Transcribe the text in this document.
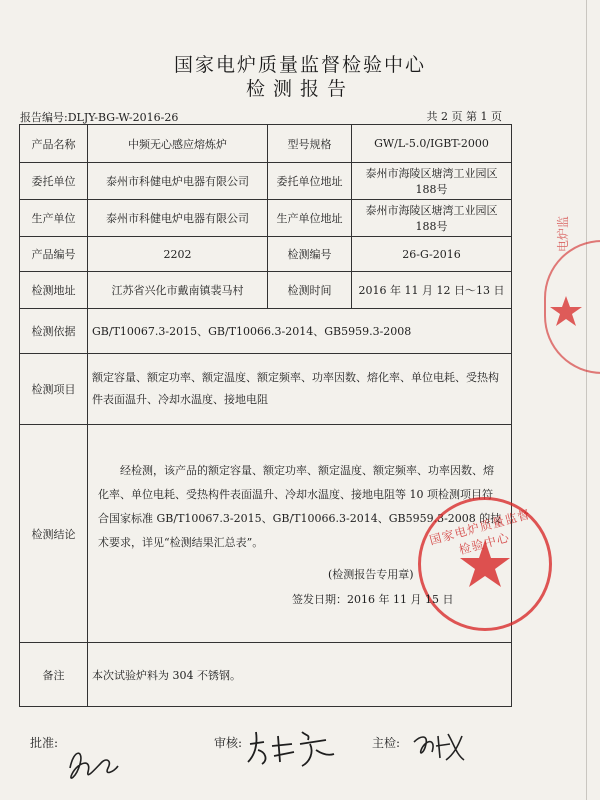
国家电炉质量监督检验中心
检测报告
报告编号:DLJY-BG-W-2016-26	共 2 页 第 1 页
产品名称	中频无心感应熔炼炉	型号规格	GW/L-5.0/IGBT-2000
委托单位	泰州市科健电炉电器有限公司	委托单位地址	泰州市海陵区塘湾工业园区188号
生产单位	泰州市科健电炉电器有限公司	生产单位地址	泰州市海陵区塘湾工业园区188号
产品编号	2202	检测编号	26-G-2016
检测地址	江苏省兴化市戴南镇裴马村	检测时间	2016 年 11 月 12 日～13 日
检测依据	GB/T10067.3-2015、GB/T10066.3-2014、GB5959.3-2008		
检测项目	额定容量、额定功率、额定温度、额定频率、功率因数、熔化率、单位电耗、受热构件表面温升、冷却水温度、接地电阻		
检测结论	经检测，该产品的额定容量、额定功率、额定温度、额定频率、功率因数、熔化率、单位电耗、受热构件表面温升、冷却水温度、接地电阻等 10 项检测项目符合国家标准 GB/T10067.3-2015、GB/T10066.3-2014、GB5959.3-2008 的技术要求，详见“检测结果汇总表”。 国家电炉质量监督检验中心
(检测报告专用章)
签发日期：2016 年 11 月 15 日		

备注	本次试验炉料为 304 不锈钢。		
电炉监
批准:	审核:	主检:
